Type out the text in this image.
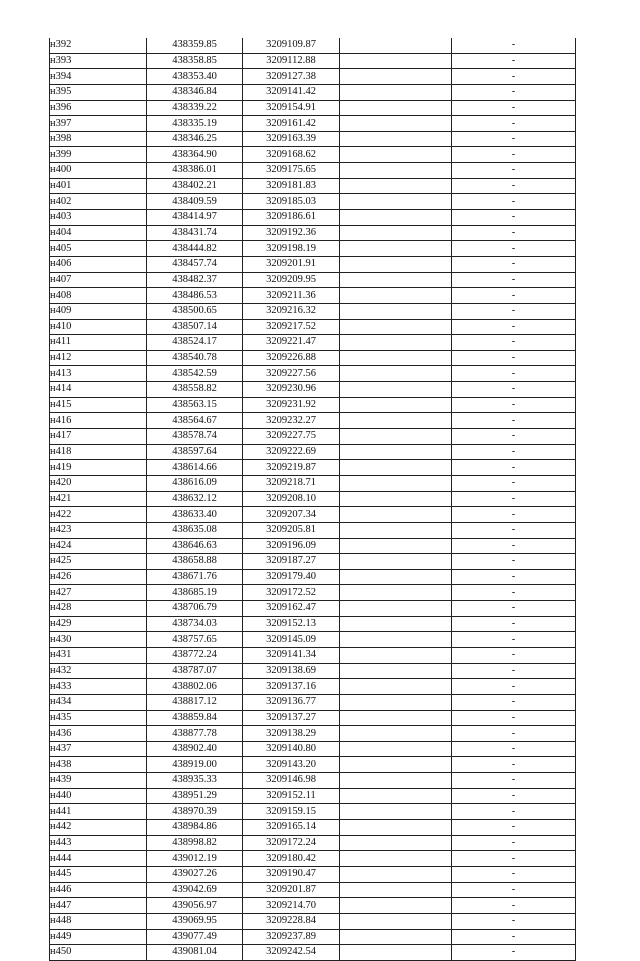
н392	438359.85	3209109.87		-
н393	438358.85	3209112.88		-
н394	438353.40	3209127.38		-
н395	438346.84	3209141.42		-
н396	438339.22	3209154.91		-
н397	438335.19	3209161.42		-
н398	438346.25	3209163.39		-
н399	438364.90	3209168.62		-
н400	438386.01	3209175.65		-
н401	438402.21	3209181.83		-
н402	438409.59	3209185.03		-
н403	438414.97	3209186.61		-
н404	438431.74	3209192.36		-
н405	438444.82	3209198.19		-
н406	438457.74	3209201.91		-
н407	438482.37	3209209.95		-
н408	438486.53	3209211.36		-
н409	438500.65	3209216.32		-
н410	438507.14	3209217.52		-
н411	438524.17	3209221.47		-
н412	438540.78	3209226.88		-
н413	438542.59	3209227.56		-
н414	438558.82	3209230.96		-
н415	438563.15	3209231.92		-
н416	438564.67	3209232.27		-
н417	438578.74	3209227.75		-
н418	438597.64	3209222.69		-
н419	438614.66	3209219.87		-
н420	438616.09	3209218.71		-
н421	438632.12	3209208.10		-
н422	438633.40	3209207.34		-
н423	438635.08	3209205.81		-
н424	438646.63	3209196.09		-
н425	438658.88	3209187.27		-
н426	438671.76	3209179.40		-
н427	438685.19	3209172.52		-
н428	438706.79	3209162.47		-
н429	438734.03	3209152.13		-
н430	438757.65	3209145.09		-
н431	438772.24	3209141.34		-
н432	438787.07	3209138.69		-
н433	438802.06	3209137.16		-
н434	438817.12	3209136.77		-
н435	438859.84	3209137.27		-
н436	438877.78	3209138.29		-
н437	438902.40	3209140.80		-
н438	438919.00	3209143.20		-
н439	438935.33	3209146.98		-
н440	438951.29	3209152.11		-
н441	438970.39	3209159.15		-
н442	438984.86	3209165.14		-
н443	438998.82	3209172.24		-
н444	439012.19	3209180.42		-
н445	439027.26	3209190.47		-
н446	439042.69	3209201.87		-
н447	439056.97	3209214.70		-
н448	439069.95	3209228.84		-
н449	439077.49	3209237.89		-
н450	439081.04	3209242.54		-
